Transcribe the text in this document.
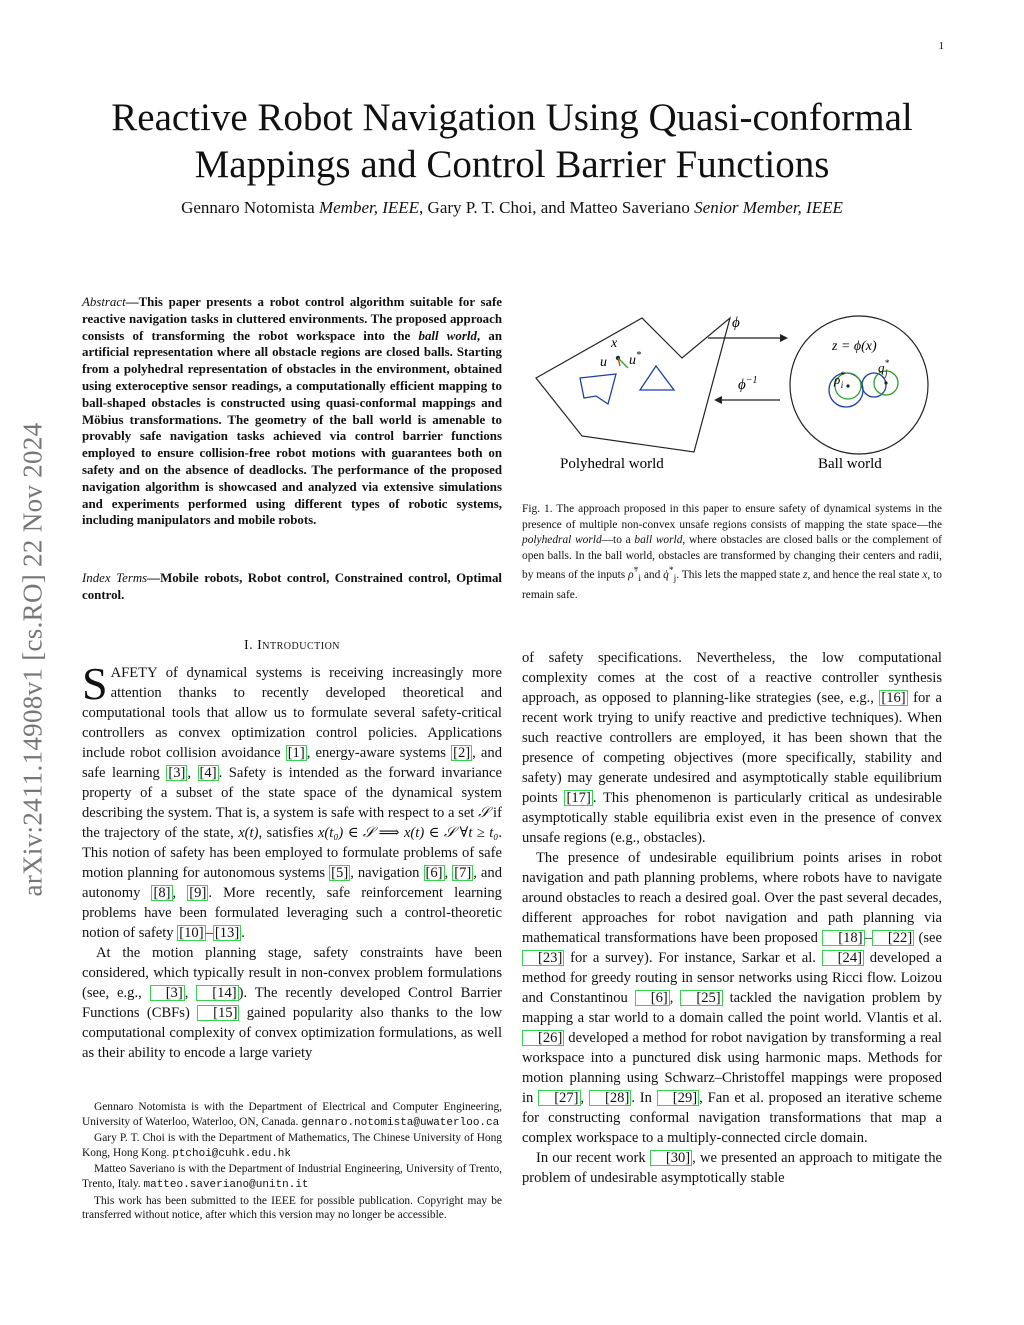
1
arXiv:2411.14908v1 [cs.RO] 22 Nov 2024
Reactive Robot Navigation Using Quasi-conformal Mappings and Control Barrier Functions
Gennaro Notomista Member, IEEE, Gary P. T. Choi, and Matteo Saveriano Senior Member, IEEE
Abstract—This paper presents a robot control algorithm suitable for safe reactive navigation tasks in cluttered environments. The proposed approach consists of transforming the robot workspace into the ball world, an artificial representation where all obstacle regions are closed balls. Starting from a polyhedral representation of obstacles in the environment, obtained using exteroceptive sensor readings, a computationally efficient mapping to ball-shaped obstacles is constructed using quasi-conformal mappings and Möbius transformations. The geometry of the ball world is amenable to provably safe navigation tasks achieved via control barrier functions employed to ensure collision-free robot motions with guarantees both on safety and on the absence of deadlocks. The performance of the proposed navigation algorithm is showcased and analyzed via extensive simulations and experiments performed using different types of robotic systems, including manipulators and mobile robots.
Index Terms—Mobile robots, Robot control, Constrained control, Optimal control.
I. Introduction

SAFETY of dynamical systems is receiving increasingly more attention thanks to recently developed theoretical and computational tools that allow us to formulate several safety-critical controllers as convex optimization control policies. Applications include robot collision avoidance [1] , energy-aware systems [2] , and safe learning [3] , [4] . Safety is intended as the forward invariance property of a subset of the state space of the dynamical system describing the system. That is, a system is safe with respect to a set 𝒮 if the trajectory of the state, x(t), satisfies x(t₀) ∈ 𝒮 ⟹ x(t) ∈ 𝒮 ∀t ≥ t₀. This notion of safety has been employed to formulate problems of safe motion planning for autonomous systems [5] , navigation [6] , [7] , and autonomy [8] , [9] . More recently, safe reinforcement learning problems have been formulated leveraging such a control-theoretic notion of safety [10] – [13] .

At the motion planning stage, safety constraints have been considered, which typically result in non-convex problem formulations (see, e.g., [3] , [14] ). The recently developed Control Barrier Functions (CBFs) [15] gained popularity also thanks to the low computational complexity of convex optimization formulations, as well as their ability to encode a large variety

Gennaro Notomista is with the Department of Electrical and Computer Engineering, University of Waterloo, Waterloo, ON, Canada. gennaro.notomista@uwaterloo.ca

Gary P. T. Choi is with the Department of Mathematics, The Chinese University of Hong Kong, Hong Kong. ptchoi@cuhk.edu.hk

Matteo Saveriano is with the Department of Industrial Engineering, University of Trento, Trento, Italy. matteo.saveriano@unitn.it

This work has been submitted to the IEEE for possible publication. Copyright may be transferred without notice, after which this version may no longer be accessible.

x
u u*
Polyhedral world
ϕ
$\phi^{-1}$
z = ϕ(x)
ρ* i
q* j
Ball world
Fig. 1. The approach proposed in this paper to ensure safety of dynamical systems in the presence of multiple non-convex unsafe regions consists of mapping the state space—the polyhedral world—to a ball world, where obstacles are closed balls or the complement of open balls. In the ball world, obstacles are transformed by changing their centers and radii, by means of the inputs $\rhȯ^*_i$ and $q̇^*_j$. This lets the mapped state z, and hence the real state x, to remain safe.

of safety specifications. Nevertheless, the low computational complexity comes at the cost of a reactive controller synthesis approach, as opposed to planning-like strategies (see, e.g., [16] for a recent work trying to unify reactive and predictive techniques). When such reactive controllers are employed, it has been shown that the presence of competing objectives (more specifically, stability and safety) may generate undesired and asymptotically stable equilibrium points [17] . This phenomenon is particularly critical as undesirable asymptotically stable equilibria exist even in the presence of convex unsafe regions (e.g., obstacles).

The presence of undesirable equilibrium points arises in robot navigation and path planning problems, where robots have to navigate around obstacles to reach a desired goal. Over the past several decades, different approaches for robot navigation and path planning via mathematical transformations have been proposed [18] – [22] (see [23] for a survey). For instance, Sarkar et al. [24] developed a method for greedy routing in sensor networks using Ricci flow. Loizou and Constantinou [6] , [25] tackled the navigation problem by mapping a star world to a domain called the point world. Vlantis et al. [26] developed a method for robot navigation by transforming a real workspace into a punctured disk using harmonic maps. Methods for motion planning using Schwarz–Christoffel mappings were proposed in [27] , [28] . In [29] , Fan et al. proposed an iterative scheme for constructing conformal navigation transformations that map a complex workspace to a multiply-connected circle domain.

In our recent work [30] , we presented an approach to mitigate the problem of undesirable asymptotically stable
